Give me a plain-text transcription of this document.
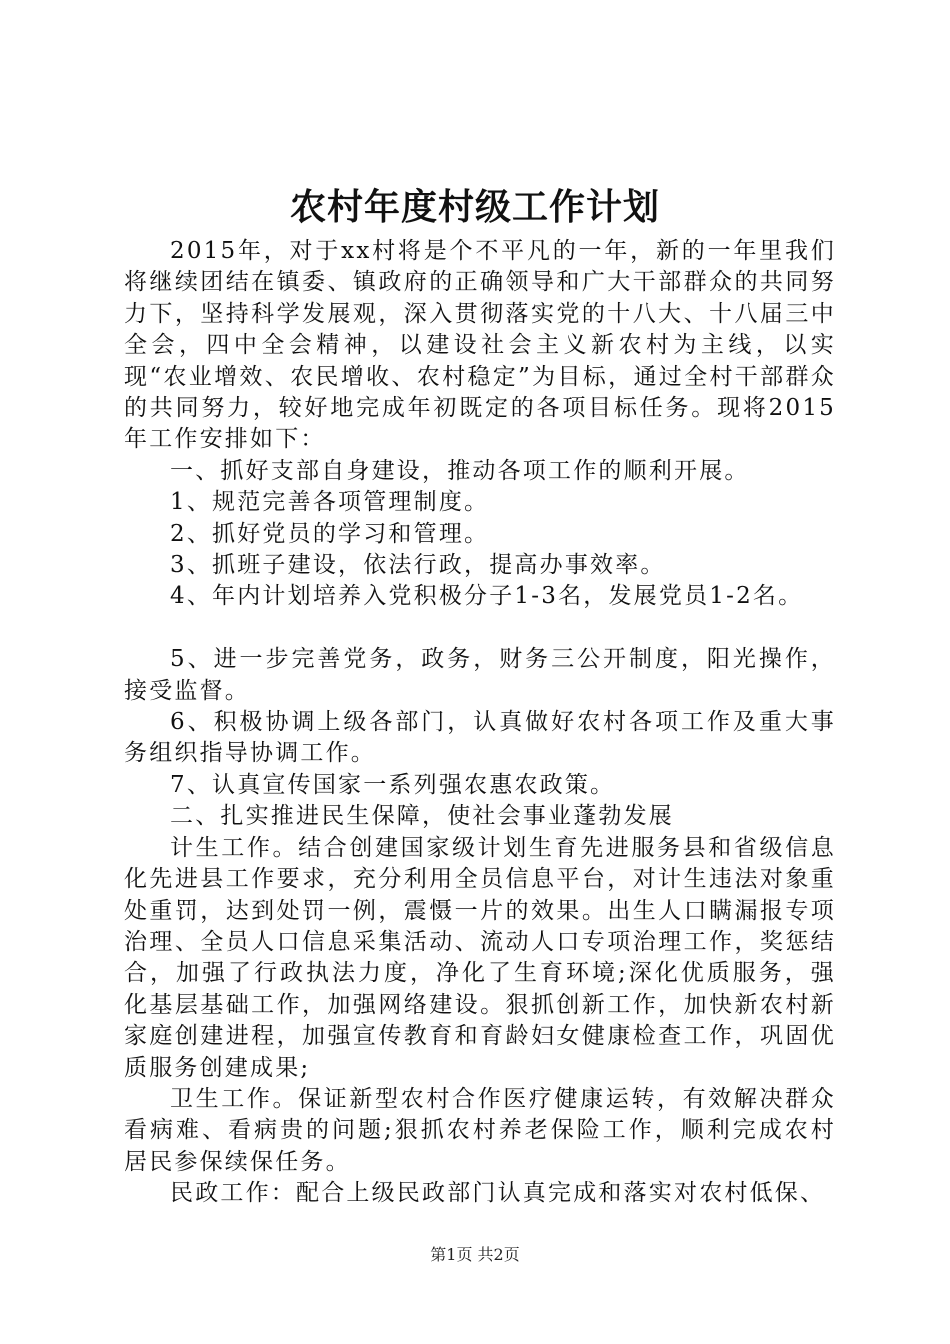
农村年度村级工作计划

2015年，对于xx村将是个不平凡的一年，新的一年里我们将继续团结在镇委、镇政府的正确领导和广大干部群众的共同努力下，坚持科学发展观，深入贯彻落实党的十八大、十八届三中全会，四中全会精神，以建设社会主义新农村为主线，以实现“农业增效、农民增收、农村稳定”为目标，通过全村干部群众的共同努力，较好地完成年初既定的各项目标任务。现将2015年工作安排如下：

一、抓好支部自身建设，推动各项工作的顺利开展。

1、规范完善各项管理制度。

2、抓好党员的学习和管理。

3、抓班子建设，依法行政，提高办事效率。

4、年内计划培养入党积极分子1-3名，发展党员1-2名。

5、进一步完善党务，政务，财务三公开制度，阳光操作，接受监督。

6、积极协调上级各部门，认真做好农村各项工作及重大事务组织指导协调工作。

7、认真宣传国家一系列强农惠农政策。

二、扎实推进民生保障，使社会事业蓬勃发展

计生工作。结合创建国家级计划生育先进服务县和省级信息化先进县工作要求，充分利用全员信息平台，对计生违法对象重处重罚，达到处罚一例，震慑一片的效果。出生人口瞒漏报专项治理、全员人口信息采集活动、流动人口专项治理工作，奖惩结合，加强了行政执法力度，净化了生育环境;深化优质服务，强化基层基础工作，加强网络建设。狠抓创新工作，加快新农村新家庭创建进程，加强宣传教育和育龄妇女健康检查工作，巩固优质服务创建成果;

卫生工作。保证新型农村合作医疗健康运转，有效解决群众看病难、看病贵的问题;狠抓农村养老保险工作，顺利完成农村居民参保续保任务。

民政工作：配合上级民政部门认真完成和落实对农村低保、

第1页 共2页
